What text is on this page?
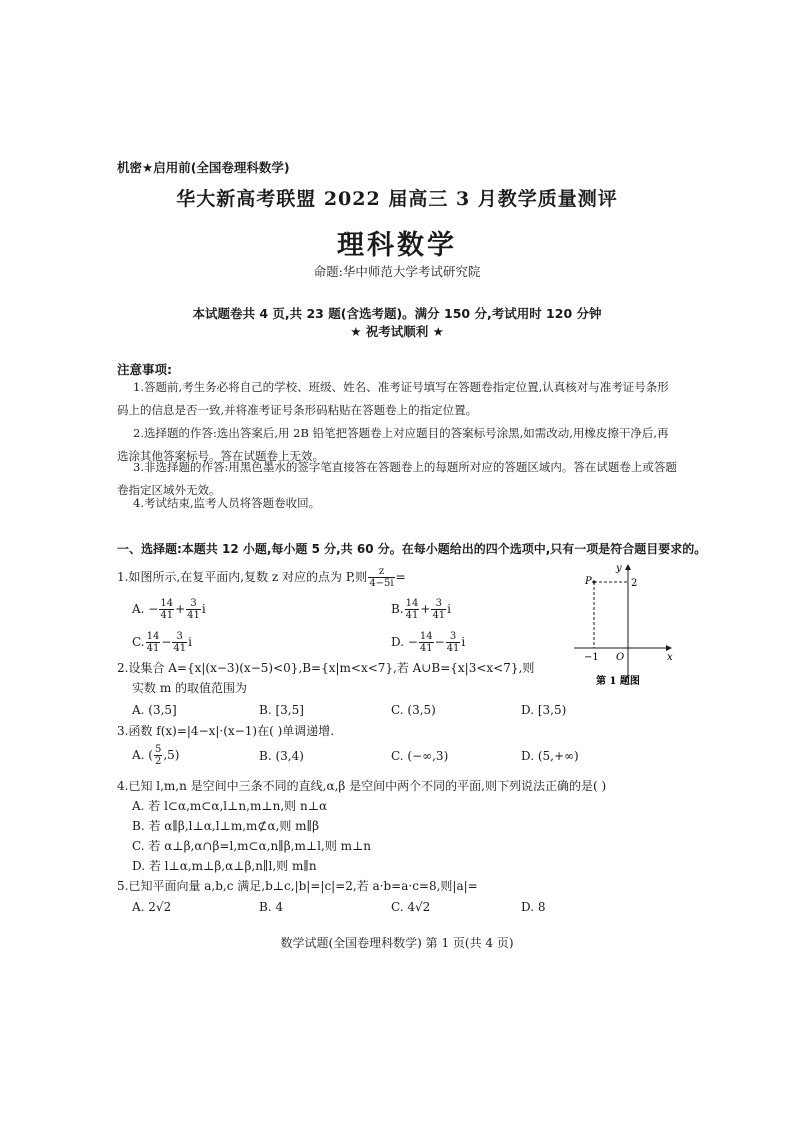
机密★启用前(全国卷理科数学)
华大新高考联盟 2022 届高三 3 月教学质量测评
理科数学
命题:华中师范大学考试研究院
本试题卷共 4 页,共 23 题(含选考题)。满分 150 分,考试用时 120 分钟
★ 祝考试顺利 ★
注意事项:
1.答题前,考生务必将自己的学校、班级、姓名、准考证号填写在答题卷指定位置,认真核对与准考证号条形码上的信息是否一致,并将准考证号条形码粘贴在答题卷上的指定位置。
2.选择题的作答:选出答案后,用 2B 铅笔把答题卷上对应题目的答案标号涂黑,如需改动,用橡皮擦干净后,再选涂其他答案标号。答在试题卷上无效。
3.非选择题的作答:用黑色墨水的签字笔直接答在答题卷上的每题所对应的答题区域内。答在试题卷上或答题卷指定区域外无效。
4.考试结束,监考人员将答题卷收回。
一、选择题:本题共 12 小题,每小题 5 分,共 60 分。在每小题给出的四个选项中,只有一项是符合题目要求的。
1.如图所示,在复平面内,复数 z 对应的点为 P,则 $\frac{z}{4-5i}$ =
A. − $\frac{14}{41} + \frac{3}{41}$ i	B. $\frac{14}{41} + \frac{3}{41}$ i
C. $\frac{14}{41} - \frac{3}{41}$ i	D. − $\frac{14}{41} - \frac{3}{41}$ i
y
x
P	2
−1 O
第 1 题图
2.设集合 A={x|(x−3)(x−5)<0},B={x|m<x<7},若 A∪B={x|3<x<7},则
实数 m 的取值范围为
A. (3,5]	B. [3,5]	C. (3,5)	D. [3,5)
3.函数 f(x)=|4−x|·(x−1)在( )单调递增.
A. ( $\frac{5}{2} ,5$)	B. (3,4)	C. (−∞,3)	D. (5,+∞)
4.已知 l,m,n 是空间中三条不同的直线,α,β 是空间中两个不同的平面,则下列说法正确的是( )
A. 若 l⊂α,m⊂α,l⊥n,m⊥n,则 n⊥α
B. 若 α∥β,l⊥α,l⊥m,m⊄α,则 m∥β
C. 若 α⊥β,α∩β=l,m⊂α,n∥β,m⊥l,则 m⊥n
D. 若 l⊥α,m⊥β,α⊥β,n∥l,则 m∥n
5.已知平面向量 a,b,c 满足,b⊥c,|b|=|c|=2,若 a·b=a·c=8,则|a|=
A. 2√2	B. 4	C. 4√2	D. 8
数学试题(全国卷理科数学) 第 1 页(共 4 页)
